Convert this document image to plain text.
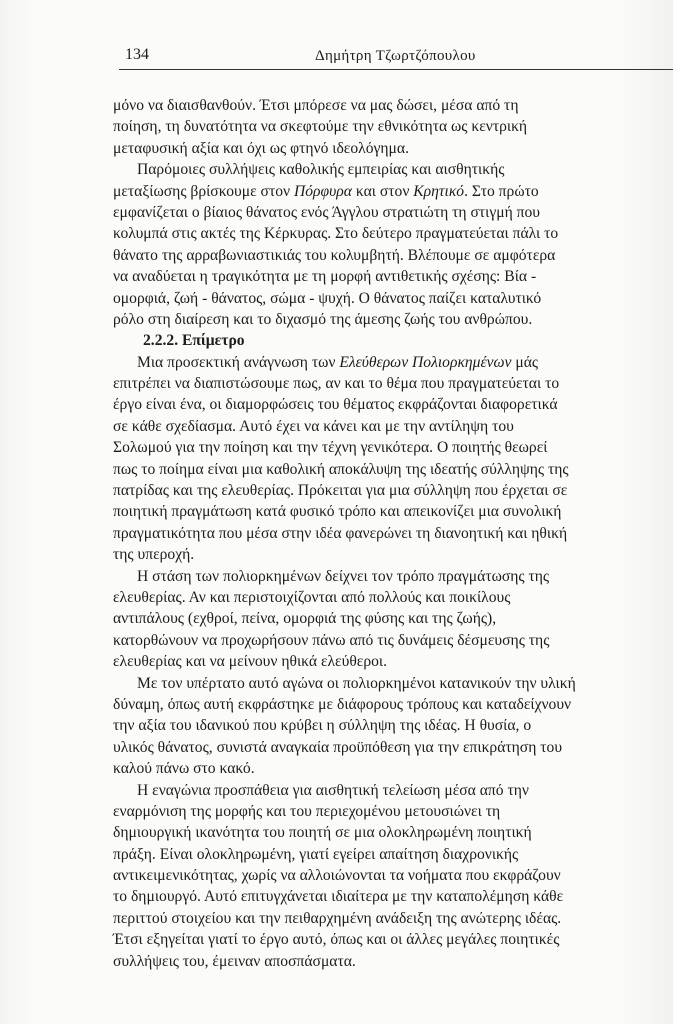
134	Δημήτρη Τζωρτζόπουλου
μόνο να διαισθανθούν. Έτσι μπόρεσε να μας δώσει, μέσα από τη
ποίηση, τη δυνατότητα να σκεφτούμε την εθνικότητα ως κεντρική
μεταφυσική αξία και όχι ως φτηνό ιδεολόγημα.
Παρόμοιες συλλήψεις καθολικής εμπειρίας και αισθητικής
μεταξίωσης βρίσκουμε στον Πόρφυρα και στον Κρητικό. Στο πρώτο
εμφανίζεται ο βίαιος θάνατος ενός Άγγλου στρατιώτη τη στιγμή που
κολυμπά στις ακτές της Κέρκυρας. Στο δεύτερο πραγματεύεται πάλι το
θάνατο της αρραβωνιαστικιάς του κολυμβητή. Βλέπουμε σε αμφότερα
να αναδύεται η τραγικότητα με τη μορφή αντιθετικής σχέσης: Βία -
ομορφιά, ζωή - θάνατος, σώμα - ψυχή. Ο θάνατος παίζει καταλυτικό
ρόλο στη διαίρεση και το διχασμό της άμεσης ζωής του ανθρώπου.
2.2.2. Επίμετρο
Μια προσεκτική ανάγνωση των Ελεύθερων Πολιορκημένων μάς
επιτρέπει να διαπιστώσουμε πως, αν και το θέμα που πραγματεύεται το
έργο είναι ένα, οι διαμορφώσεις του θέματος εκφράζονται διαφορετικά
σε κάθε σχεδίασμα. Αυτό έχει να κάνει και με την αντίληψη του
Σολωμού για την ποίηση και την τέχνη γενικότερα. Ο ποιητής θεωρεί
πως το ποίημα είναι μια καθολική αποκάλυψη της ιδεατής σύλληψης της
πατρίδας και της ελευθερίας. Πρόκειται για μια σύλληψη που έρχεται σε
ποιητική πραγμάτωση κατά φυσικό τρόπο και απεικονίζει μια συνολική
πραγματικότητα που μέσα στην ιδέα φανερώνει τη διανοητική και ηθική
της υπεροχή.
Η στάση των πολιορκημένων δείχνει τον τρόπο πραγμάτωσης της
ελευθερίας. Αν και περιστοιχίζονται από πολλούς και ποικίλους
αντιπάλους (εχθροί, πείνα, ομορφιά της φύσης και της ζωής),
κατορθώνουν να προχωρήσουν πάνω από τις δυνάμεις δέσμευσης της
ελευθερίας και να μείνουν ηθικά ελεύθεροι.
Με τον υπέρτατο αυτό αγώνα οι πολιορκημένοι κατανικούν την υλική
δύναμη, όπως αυτή εκφράστηκε με διάφορους τρόπους και καταδείχνουν
την αξία του ιδανικού που κρύβει η σύλληψη της ιδέας. Η θυσία, ο
υλικός θάνατος, συνιστά αναγκαία προϋπόθεση για την επικράτηση του
καλού πάνω στο κακό.
Η εναγώνια προσπάθεια για αισθητική τελείωση μέσα από την
εναρμόνιση της μορφής και του περιεχομένου μετουσιώνει τη
δημιουργική ικανότητα του ποιητή σε μια ολοκληρωμένη ποιητική
πράξη. Είναι ολοκληρωμένη, γιατί εγείρει απαίτηση διαχρονικής
αντικειμενικότητας, χωρίς να αλλοιώνονται τα νοήματα που εκφράζουν
το δημιουργό. Αυτό επιτυγχάνεται ιδιαίτερα με την καταπολέμηση κάθε
περιττού στοιχείου και την πειθαρχημένη ανάδειξη της ανώτερης ιδέας.
Έτσι εξηγείται γιατί το έργο αυτό, όπως και οι άλλες μεγάλες ποιητικές
συλλήψεις του, έμειναν αποσπάσματα.
